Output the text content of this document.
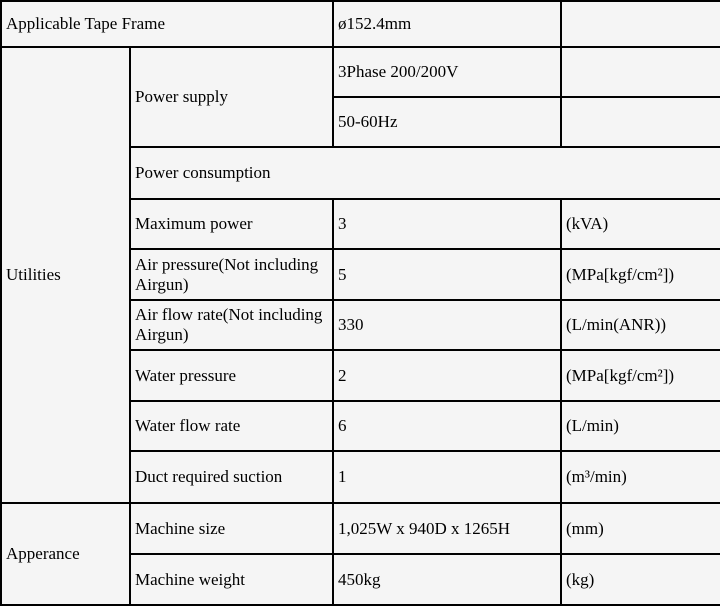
Applicable Tape Frame		ø152.4mm	
Utilities	Power supply	3Phase 200/200V	
		50-60Hz	
	Power consumption		
	Maximum power	3	(kVA)
	Air pressure(Not including Airgun)	5	(MPa[kgf/cm²])
	Air flow rate(Not including Airgun)	330	(L/min(ANR))
	Water pressure	2	(MPa[kgf/cm²])
	Water flow rate	6	(L/min)
	Duct required suction	1	(m³/min)
Apperance	Machine size	1,025W x 940D x 1265H	(mm)
	Machine weight	450kg	(kg)
